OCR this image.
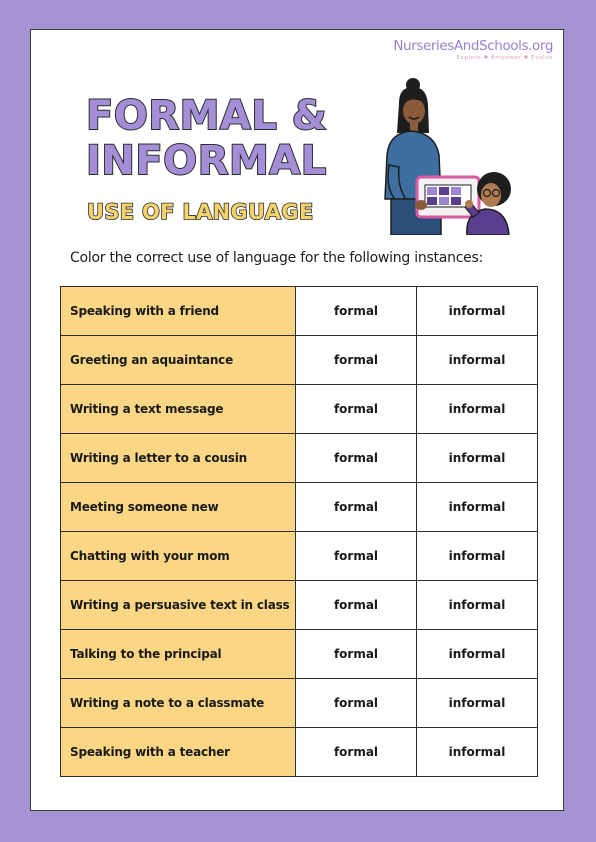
NurseriesAndSchools.org
Explore ✱ Empower ✱ Evolve
FORMAL &
INFORMAL
USE OF LANGUAGE
Color the correct use of language for the following instances:
Speaking with a friend	formal	informal
Greeting an aquaintance	formal	informal
Writing a text message	formal	informal
Writing a letter to a cousin	formal	informal
Meeting someone new	formal	informal
Chatting with your mom	formal	informal
Writing a persuasive text in class	formal	informal
Talking to the principal	formal	informal
Writing a note to a classmate	formal	informal
Speaking with a teacher	formal	informal
